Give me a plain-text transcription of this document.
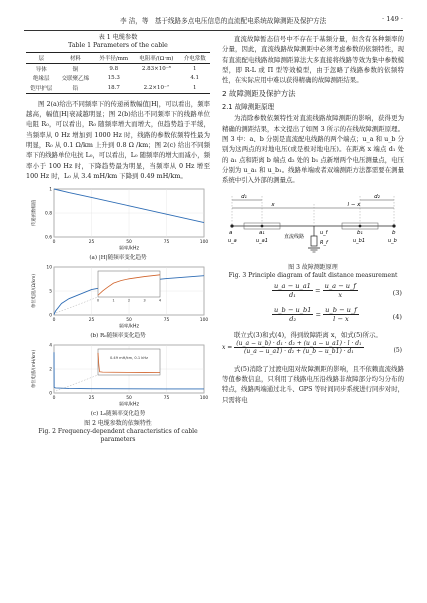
李 洁，等 基于线路多点电压信息的直流配电系统故障测距及保护方法	· 149 ·
表 1 电缆参数
Table 1 Parameters of the cable
层	材料	外半径/mm	电阻率/(Ω·m)	介电常数
导体	铜	9.8	2.83×10⁻⁸	1
绝缘层	交联聚乙烯	15.3		4.1
铠甲护层	铅	18.7	2.2×10⁻⁷	1

图 2(a)给出不同频率下的传递函数幅值|H|，可以看出，频率越高，幅值|H|衰减越明显；图 2(b)给出不同频率下的线路单位电阻 R₀，可以看出，R₀ 随频率增大而增大，但趋势趋于平缓，当频率从 0 Hz 增加到 1000 Hz 时，线路的参数依频特性最为明显，R₀ 从 0.1 Ω/km 上升到 0.8 Ω /km；图 2(c) 给出不同频率下的线路单位电抗 L₀，可以看出，L₀ 随频率的增大而减小，频率小于 100 Hz 时，下降趋势最为明显，当频率从 0 Hz 增至 100 Hz 时，L₀ 从 3.4 mH/km 下降到 0.49 mH/km。

0	25	50	75	100
0.6
0.8
1
频率/kHz
传递函数幅值
(a) |H|随频率变化趋势
0	25	50	75	100
0
5
10
频率/kHz
单位电阻/(Ω/km)	0	1	2	3	4
(b) R₀随频率变化趋势
0	25	50	75	100
0
2
4
频率/kHz
单位电感/(mH/km)	0.49 mH/km, 0.1 kHz
(c) L₀随频率变化趋势
图 2 电缆参数的依频特性
Fig. 2 Frequency-dependent characteristics of cable parameters

直流故障暂态信号中不存在于基频分量，但含有各种频率的分量，因此，直流线路故障测距中必须考虑参数的依频特性，现有直流配电线路故障测距算法大多直接将线路等效为集中参数模型，即 R-L 或 Π 型等效模型，由于忽略了线路参数的依频特性，在实际应用中难以获得精确的故障测距结果。

2 故障测距及保护方法
2.1 故障测距原理

为消除参数依频特性对直流线路故障测距的影响，获得更为精确的测距结果，本文提出了如图 3 所示的在线故障测距原理。图 3 中：a、b 分别是直流配电线路的两个端点；u_a 和 u_b 分别为这两点的对地电压(或是极对地电压)。在距离 x 端点 d₁ 处的 a₁ 点和距离 b 端点 d₂ 处的 b₁ 点新增两个电压测量点，电压分别为 u_a₁ 和 u_b₁。线路单端或者双端测距方法都需要在测量系统中引入外部的测量点。

d₁
x	l − x
d₂
a	a₁	b₁	b
u_a	u_a1
u_f
u_b1	u_b
R_f
直流线路
图 3 故障测距原理
Fig. 3 Principle diagram of fault distance measurement
$\frac{u\_a - u\_a1}{\text{d₁}} = \frac{u\_a - u\_f}{x}$	(3)
$\frac{u\_b - u\_b1}{\text{d₂}} = \frac{u\_b - u\_f}{l - x}$	(4)

联立式(3)和式(4)，得到故障距离 x，如式(5)所示。

$x = \frac{\text{(u\_a − u\_b) · d₁ · d₂ + (u\_a − u\_a1) · l · d₁}}{\text{(u\_a − u\_a1) · d₂ + (u\_b − u\_b1) · d₁}}$	(5)

式(5)消除了过渡电阻对故障测距的影响，且不依赖直流线路等值参数信息，只利用了线路电压沿线路非故障部分均匀分布的特点，线路两端通过北斗、GPS 等时间同步系统进行同步对时，只需将电
